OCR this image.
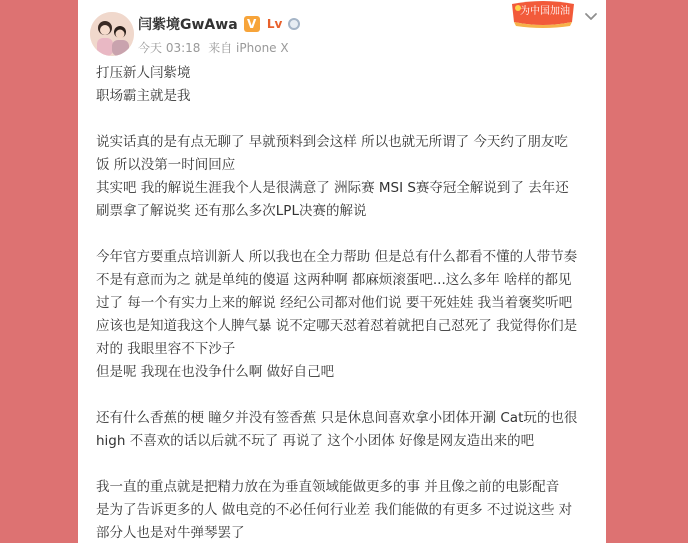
闫紫境GwAwa V Lv
今天 03:18 来自 iPhone X
为中国加油

打压新人闫紫境

职场霸主就是我

说实话真的是有点无聊了 早就预料到会这样 所以也就无所谓了 今天约了朋友吃

饭 所以没第一时间回应

其实吧 我的解说生涯我个人是很满意了 洲际赛 MSI S赛夺冠全解说到了 去年还

刷票拿了解说奖 还有那么多次LPL决赛的解说

今年官方要重点培训新人 所以我也在全力帮助 但是总有什么都看不懂的人带节奏

不是有意而为之 就是单纯的傻逼 这两种啊 都麻烦滚蛋吧...这么多年 啥样的都见

过了 每一个有实力上来的解说 经纪公司都对他们说 要干死娃娃 我当着褒奖听吧

应该也是知道我这个人脾气暴 说不定哪天怼着怼着就把自己怼死了 我觉得你们是

对的 我眼里容不下沙子

但是呢 我现在也没争什么啊 做好自己吧

还有什么香蕉的梗 瞳夕并没有签香蕉 只是休息间喜欢拿小团体开涮 Cat玩的也很

high 不喜欢的话以后就不玩了 再说了 这个小团体 好像是网友造出来的吧

我一直的重点就是把精力放在为垂直领域能做更多的事 并且像之前的电影配音

是为了告诉更多的人 做电竞的不必任何行业差 我们能做的有更多 不过说这些 对

部分人也是对牛弹琴罢了
